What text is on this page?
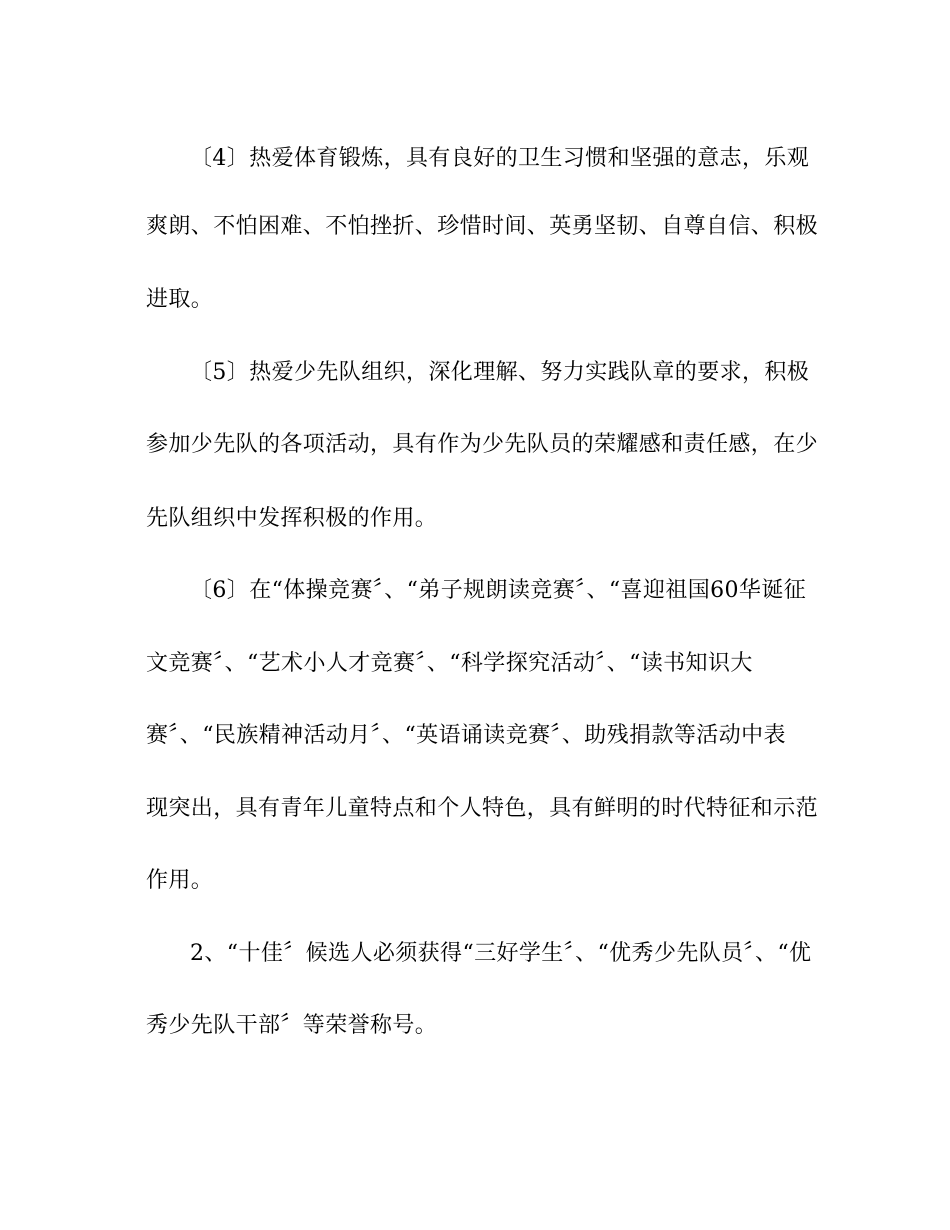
〔4〕热爱体育锻炼，具有良好的卫生习惯和坚强的意志，乐观
爽朗、不怕困难、不怕挫折、珍惜时间、英勇坚韧、自尊自信、积极
进取。
〔5〕热爱少先队组织，深化理解、努力实践队章的要求，积极
参加少先队的各项活动，具有作为少先队员的荣耀感和责任感，在少
先队组织中发挥积极的作用。
〔6〕在“体操竞赛〞、“弟子规朗读竞赛〞、“喜迎祖国60华诞征
文竞赛〞、“艺术小人才竞赛〞、“科学探究活动〞、“读书知识大
赛〞、“民族精神活动月〞、“英语诵读竞赛〞、助残捐款等活动中表
现突出，具有青年儿童特点和个人特色，具有鲜明的时代特征和示范
作用。
2、“十佳〞候选人必须获得“三好学生〞、“优秀少先队员〞、“优
秀少先队干部〞等荣誉称号。
